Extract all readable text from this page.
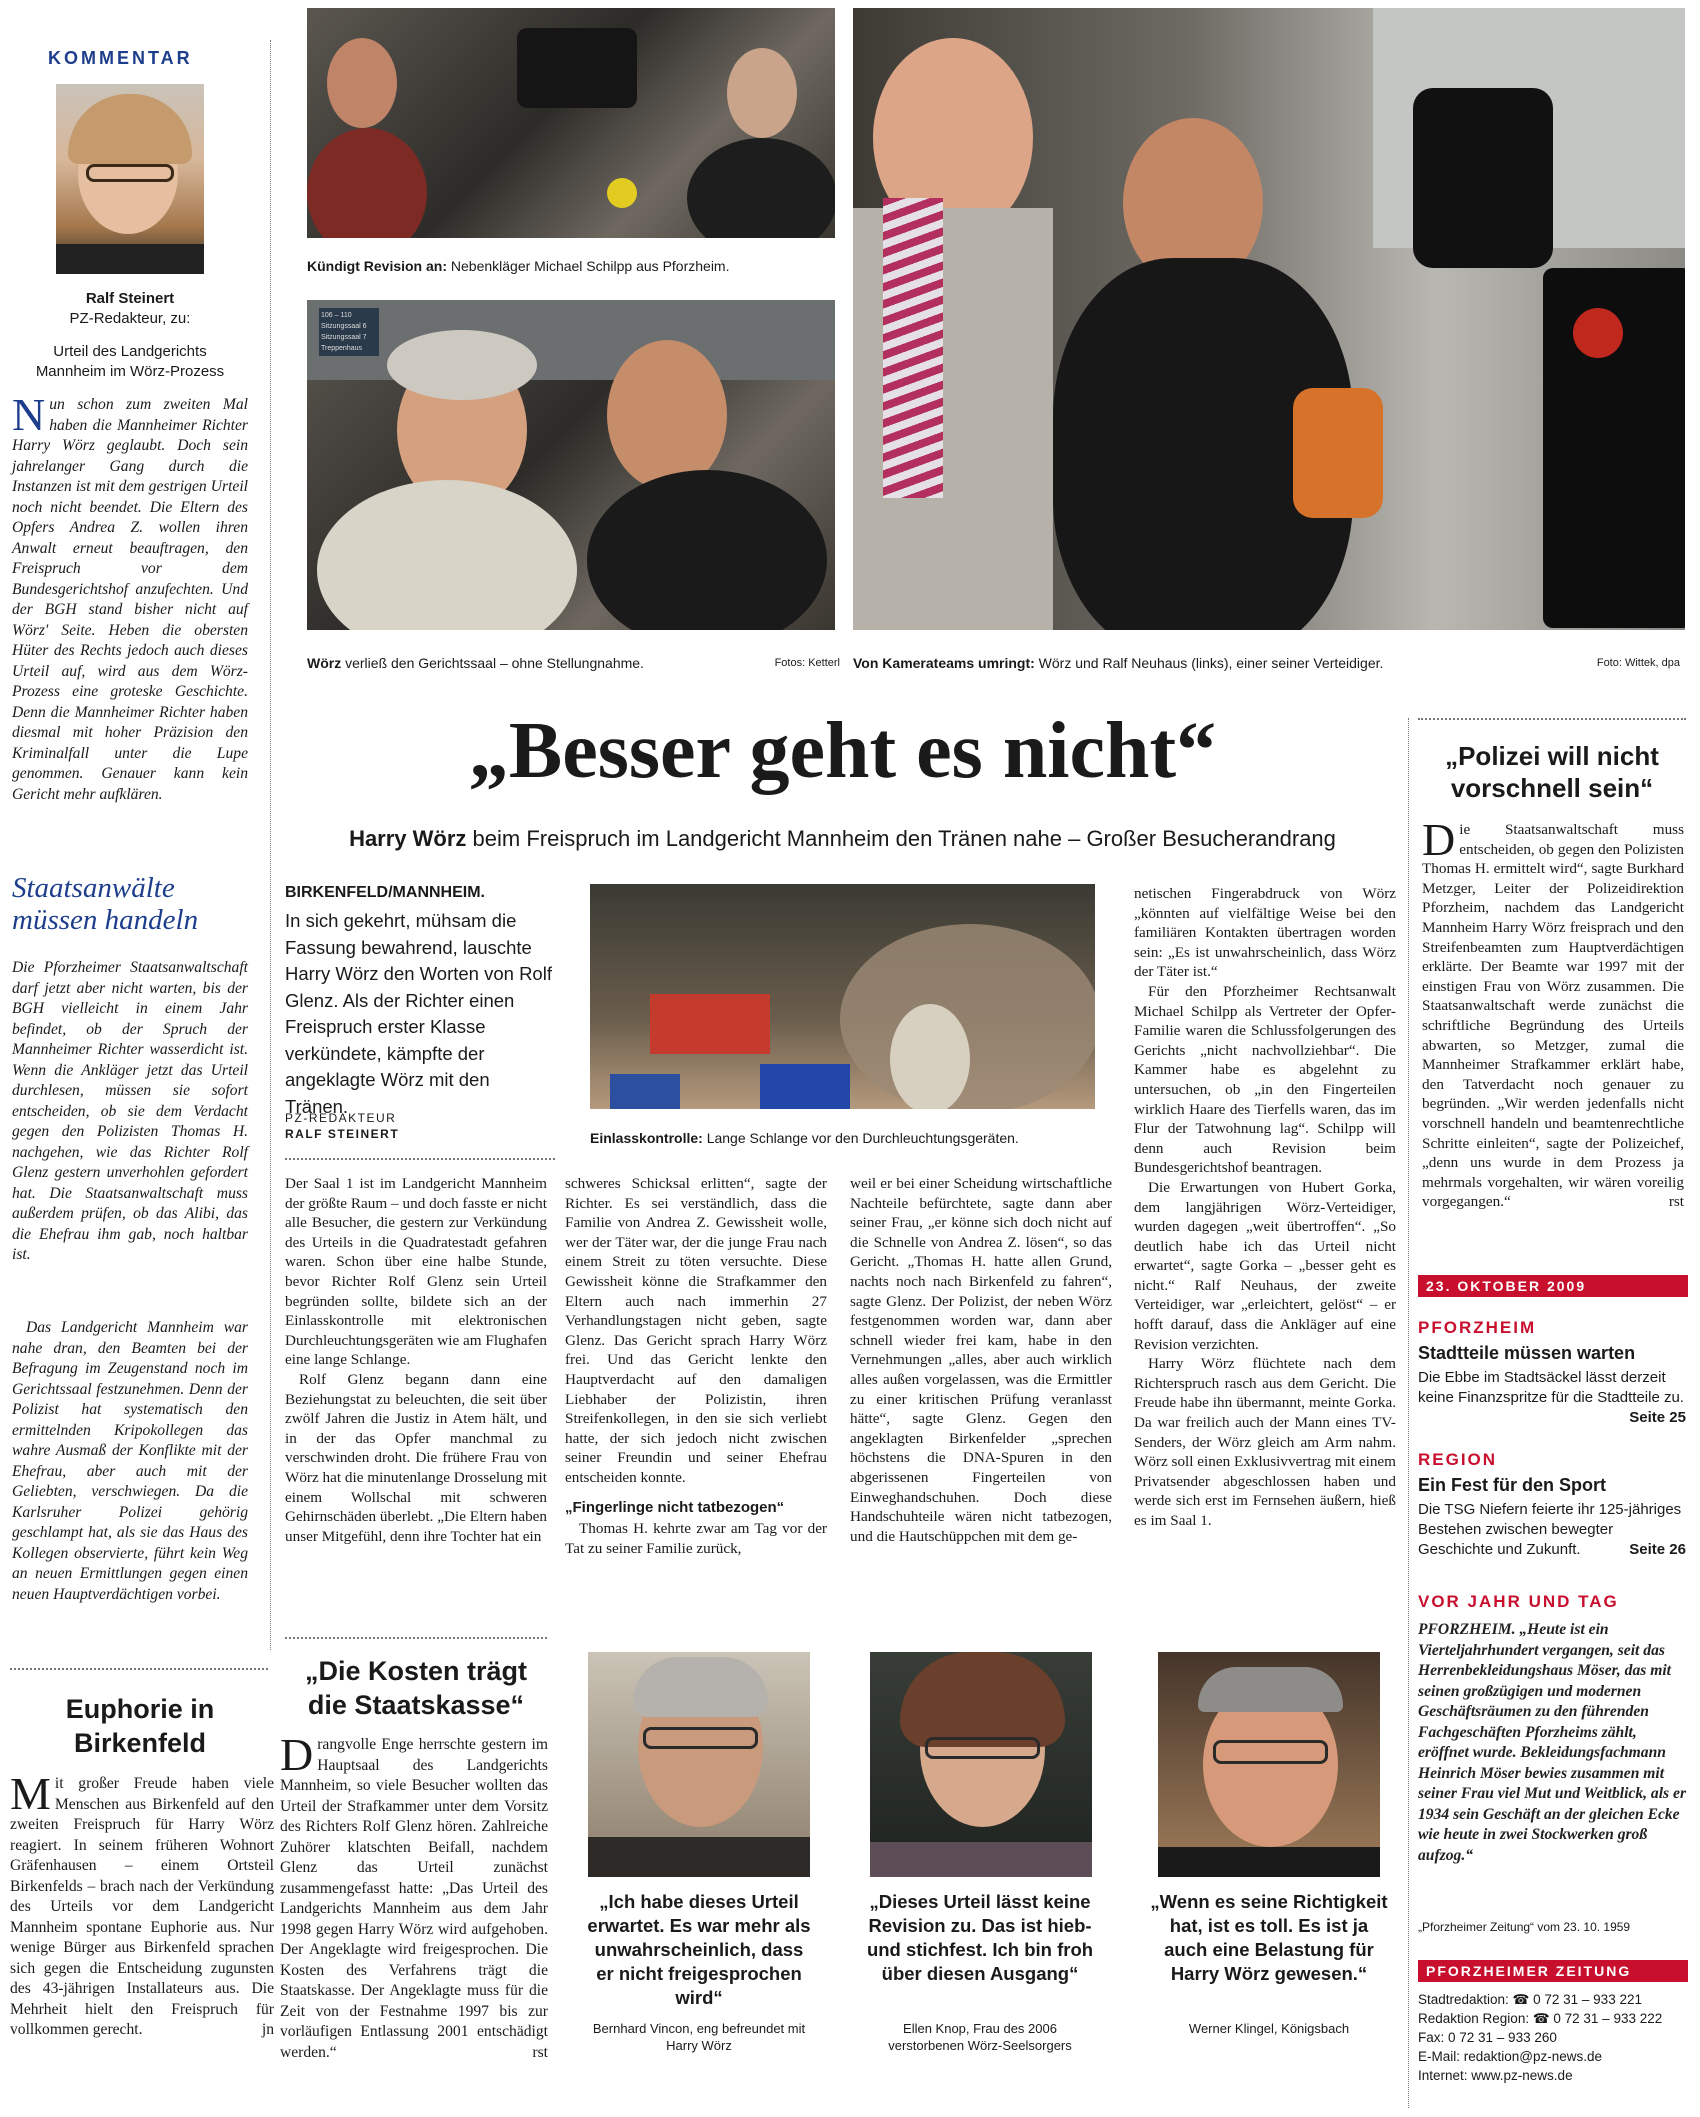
KOMMENTAR
Ralf Steinert
PZ-Redakteur, zu:
Urteil des Landgerichts Mannheim im Wörz-Prozess
Nun schon zum zweiten Mal haben die Mannheimer Richter Harry Wörz geglaubt. Doch sein jahrelanger Gang durch die Instanzen ist mit dem gestrigen Urteil noch nicht beendet. Die Eltern des Opfers Andrea Z. wollen ihren Anwalt erneut beauftragen, den Freispruch vor dem Bundesgerichtshof anzufechten. Und der BGH stand bisher nicht auf Wörz' Seite. Heben die obersten Hüter des Rechts jedoch auch dieses Urteil auf, wird aus dem Wörz-Prozess eine groteske Geschichte. Denn die Mannheimer Richter haben diesmal mit hoher Präzision den Kriminalfall unter die Lupe genommen. Genauer kann kein Gericht mehr aufklären.
Staatsanwälte müssen handeln
Die Pforzheimer Staatsanwaltschaft darf jetzt aber nicht warten, bis der BGH vielleicht in einem Jahr befindet, ob der Spruch der Mannheimer Richter wasserdicht ist. Wenn die Ankläger jetzt das Urteil durchlesen, müssen sie sofort entscheiden, ob sie dem Verdacht gegen den Polizisten Thomas H. nachgehen, wie das Richter Rolf Glenz gestern unverhohlen gefordert hat. Die Staatsanwaltschaft muss außerdem prüfen, ob das Alibi, das die Ehefrau ihm gab, noch haltbar ist.
Das Landgericht Mannheim war nahe dran, den Beamten bei der Befragung im Zeugenstand noch im Gerichtssaal festzunehmen. Denn der Polizist hat systematisch den ermittelnden Kripokollegen das wahre Ausmaß der Konflikte mit der Ehefrau, aber auch mit der Geliebten, verschwiegen. Da die Karlsruher Polizei gehörig geschlampt hat, als sie das Haus des Kollegen observierte, führt kein Weg an neuen Ermittlungen gegen einen neuen Hauptverdächtigen vorbei.
Euphorie in Birkenfeld
Mit großer Freude haben viele Menschen aus Birkenfeld auf den zweiten Freispruch für Harry Wörz reagiert. In seinem früheren Wohnort Gräfenhausen – einem Ortsteil Birkenfelds – brach nach der Verkündung des Urteils vor dem Landgericht Mannheim spontane Euphorie aus. Nur wenige Bürger aus Birkenfeld sprachen sich gegen die Entscheidung zugunsten des 43-jährigen Installateurs aus. Die Mehrheit hielt den Freispruch für vollkommen gerecht.	jn
Kündigt Revision an: Nebenkläger Michael Schilpp aus Pforzheim.
106 – 110 Sitzungssaal 6 Sitzungssaal 7 Treppenhaus
Wörz verließ den Gerichtssaal – ohne Stellungnahme.	Fotos: Ketterl Von Kamerateams umringt: Wörz und Ralf Neuhaus (links), einer seiner Verteidiger.	Foto: Wittek, dpa
„Besser geht es nicht“
Harry Wörz beim Freispruch im Landgericht Mannheim den Tränen nahe – Großer Besucherandrang
BIRKENFELD/MANNHEIM.
In sich gekehrt, mühsam die Fassung bewahrend, lauschte Harry Wörz den Worten von Rolf Glenz. Als der Richter einen Freispruch erster Klasse verkündete, kämpfte der angeklagte Wörz mit den Tränen.
PZ-REDAKTEUR
RALF STEINERT	Einlasskontrolle: Lange Schlange vor den Durchleuchtungsgeräten.

Der Saal 1 ist im Landgericht Mannheim der größte Raum – und doch fasste er nicht alle Besucher, die gestern zur Verkündung des Urteils in die Quadratestadt gefahren waren. Schon über eine halbe Stunde, bevor Richter Rolf Glenz sein Urteil begründen sollte, bildete sich an der Einlasskontrolle mit elektronischen Durchleuchtungsgeräten wie am Flughafen eine lange Schlange.

Rolf Glenz begann dann eine Beziehungstat zu beleuchten, die seit über zwölf Jahren die Justiz in Atem hält, und in der das Opfer manchmal zu verschwinden droht. Die frühere Frau von Wörz hat die minutenlange Drosselung mit einem Wollschal mit schweren Gehirnschäden überlebt. „Die Eltern haben unser Mitgefühl, denn ihre Tochter hat ein

schweres Schicksal erlitten“, sagte der Richter. Es sei verständlich, dass die Familie von Andrea Z. Gewissheit wolle, wer der Täter war, der die junge Frau nach einem Streit zu töten versuchte. Diese Gewissheit könne die Strafkammer den Eltern auch nach immerhin 27 Verhandlungstagen nicht geben, sagte Glenz. Das Gericht sprach Harry Wörz frei. Und das Gericht lenkte den Hauptverdacht auf den damaligen Liebhaber der Polizistin, ihren Streifenkollegen, in den sie sich verliebt hatte, der sich jedoch nicht zwischen seiner Freundin und seiner Ehefrau entscheiden konnte.

„Fingerlinge nicht tatbezogen“

Thomas H. kehrte zwar am Tag vor der Tat zu seiner Familie zurück,

weil er bei einer Scheidung wirtschaftliche Nachteile befürchtete, sagte dann aber seiner Frau, „er könne sich doch nicht auf die Schnelle von Andrea Z. lösen“, so das Gericht. „Thomas H. hatte allen Grund, nachts noch nach Birkenfeld zu fahren“, sagte Glenz. Der Polizist, der neben Wörz festgenommen worden war, dann aber schnell wieder frei kam, habe in den Vernehmungen „alles, aber auch wirklich alles außen vorgelassen, was die Ermittler zu einer kritischen Prüfung veranlasst hätte“, sagte Glenz. Gegen den angeklagten Birkenfelder „sprechen höchstens die DNA-Spuren in den abgerissenen Fingerteilen von Einweghandschuhen. Doch diese Handschuhteile wären nicht tatbezogen, und die Hautschüppchen mit dem ge-

netischen Fingerabdruck von Wörz „könnten auf vielfältige Weise bei den familiären Kontakten übertragen worden sein: „Es ist unwahrscheinlich, dass Wörz der Täter ist.“

Für den Pforzheimer Rechtsanwalt Michael Schilpp als Vertreter der Opfer-Familie waren die Schlussfolgerungen des Gerichts „nicht nachvollziehbar“. Die Kammer habe es abgelehnt zu untersuchen, ob „in den Fingerteilen wirklich Haare des Tierfells waren, das im Flur der Tatwohnung lag“. Schilpp will denn auch Revision beim Bundesgerichtshof beantragen.

Die Erwartungen von Hubert Gorka, dem langjährigen Wörz-Verteidiger, wurden dagegen „weit übertroffen“. „So deutlich habe ich das Urteil nicht erwartet“, sagte Gorka – „besser geht es nicht.“ Ralf Neuhaus, der zweite Verteidiger, war „erleichtert, gelöst“ – er hofft darauf, dass die Ankläger auf eine Revision verzichten.

Harry Wörz flüchtete nach dem Richterspruch rasch aus dem Gericht. Die Freude habe ihn übermannt, meinte Gorka. Da war freilich auch der Mann eines TV-Senders, der Wörz gleich am Arm nahm. Wörz soll einen Exklusivvertrag mit einem Privatsender abgeschlossen haben und werde sich erst im Fernsehen äußern, hieß es im Saal 1.

„Die Kosten trägt die Staatskasse“
Drangvolle Enge herrschte gestern im Hauptsaal des Landgerichts Mannheim, so viele Besucher wollten das Urteil der Strafkammer unter dem Vorsitz des Richters Rolf Glenz hören. Zahlreiche Zuhörer klatschten Beifall, nachdem Glenz das Urteil zunächst zusammengefasst hatte: „Das Urteil des Landgerichts Mannheim aus dem Jahr 1998 gegen Harry Wörz wird aufgehoben. Der Angeklagte wird freigesprochen. Die Kosten des Verfahrens trägt die Staatskasse. Der Angeklagte muss für die Zeit von der Festnahme 1997 bis zur vorläufigen Entlassung 2001 entschädigt werden.“	rst
„Ich habe dieses Urteil erwartet. Es war mehr als unwahrscheinlich, dass er nicht freigesprochen wird“
Bernhard Vincon, eng befreundet mit Harry Wörz
„Dieses Urteil lässt keine Revision zu. Das ist hieb- und stichfest. Ich bin froh über diesen Ausgang“
Ellen Knop, Frau des 2006 verstorbenen Wörz-Seelsorgers
„Wenn es seine Richtigkeit hat, ist es toll. Es ist ja auch eine Belastung für Harry Wörz gewesen.“
Werner Klingel, Königsbach
„Polizei will nicht vorschnell sein“
Die Staatsanwaltschaft muss entscheiden, ob gegen den Polizisten Thomas H. ermittelt wird“, sagte Burkhard Metzger, Leiter der Polizeidirektion Pforzheim, nachdem das Landgericht Mannheim Harry Wörz freisprach und den Streifenbeamten zum Hauptverdächtigen erklärte. Der Beamte war 1997 mit der einstigen Frau von Wörz zusammen. Die Staatsanwaltschaft werde zunächst die schriftliche Begründung des Urteils abwarten, so Metzger, zumal die Mannheimer Strafkammer erklärt habe, den Tatverdacht noch genauer zu begründen. „Wir werden jedenfalls nicht vorschnell handeln und beamtenrechtliche Schritte einleiten“, sagte der Polizeichef, „denn uns wurde in dem Prozess ja mehrmals vorgehalten, wir wären voreilig vorgegangen.“	rst
23. OKTOBER 2009
PFORZHEIM
Stadtteile müssen warten
Die Ebbe im Stadtsäckel lässt derzeit keine Finanzspritze für die Stadtteile zu.
Seite 25
REGION
Ein Fest für den Sport
Die TSG Niefern feierte ihr 125-jähriges Bestehen zwischen bewegter Geschichte und Zukunft.	Seite 26
VOR JAHR UND TAG
PFORZHEIM. „Heute ist ein Vierteljahrhundert vergangen, seit das Herrenbekleidungshaus Möser, das mit seinen großzügigen und modernen Geschäftsräumen zu den führenden Fachgeschäften Pforzheims zählt, eröffnet wurde. Bekleidungsfachmann Heinrich Möser bewies zusammen mit seiner Frau viel Mut und Weitblick, als er 1934 sein Geschäft an der gleichen Ecke wie heute in zwei Stockwerken groß aufzog.“
„Pforzheimer Zeitung“ vom 23. 10. 1959
PFORZHEIMER ZEITUNG
Stadtredaktion: ☎ 0 72 31 – 933 221
Redaktion Region: ☎ 0 72 31 – 933 222
Fax: 0 72 31 – 933 260
E-Mail: redaktion@pz-news.de
Internet: www.pz-news.de
